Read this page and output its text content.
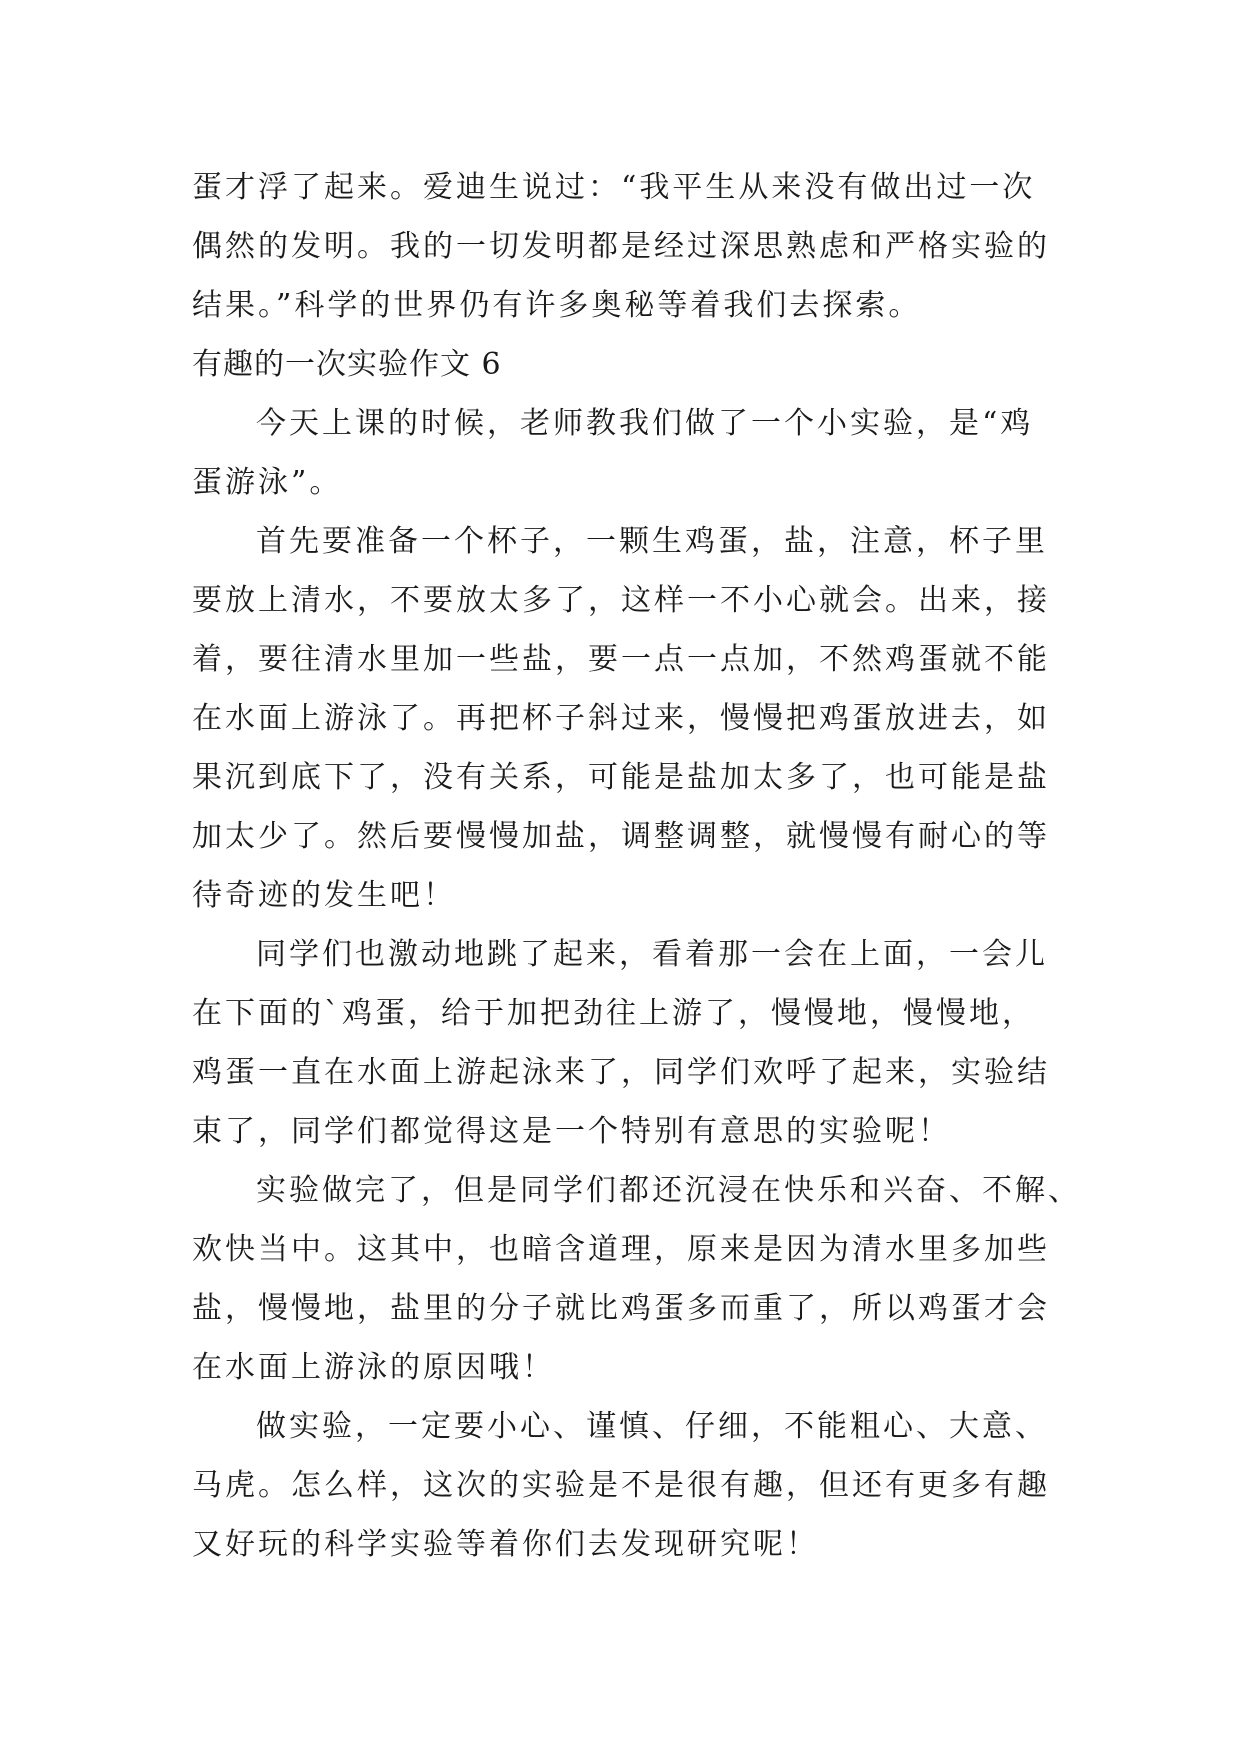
蛋才浮了起来。爱迪生说过：“我平生从来没有做出过一次
偶然的发明。我的一切发明都是经过深思熟虑和严格实验的
结果。”科学的世界仍有许多奥秘等着我们去探索。
有趣的一次实验作文 6
今天上课的时候，老师教我们做了一个小实验，是“鸡
蛋游泳”。
首先要准备一个杯子，一颗生鸡蛋，盐，注意，杯子里
要放上清水，不要放太多了，这样一不小心就会。出来，接
着，要往清水里加一些盐，要一点一点加，不然鸡蛋就不能
在水面上游泳了。再把杯子斜过来，慢慢把鸡蛋放进去，如
果沉到底下了，没有关系，可能是盐加太多了，也可能是盐
加太少了。然后要慢慢加盐，调整调整，就慢慢有耐心的等
待奇迹的发生吧！
同学们也激动地跳了起来，看着那一会在上面，一会儿
在下面的`鸡蛋，给于加把劲往上游了，慢慢地，慢慢地，
鸡蛋一直在水面上游起泳来了，同学们欢呼了起来，实验结
束了，同学们都觉得这是一个特别有意思的实验呢！
实验做完了，但是同学们都还沉浸在快乐和兴奋、不解、
欢快当中。这其中，也暗含道理，原来是因为清水里多加些
盐，慢慢地，盐里的分子就比鸡蛋多而重了，所以鸡蛋才会
在水面上游泳的原因哦！
做实验，一定要小心、谨慎、仔细，不能粗心、大意、
马虎。怎么样，这次的实验是不是很有趣，但还有更多有趣
又好玩的科学实验等着你们去发现研究呢！
